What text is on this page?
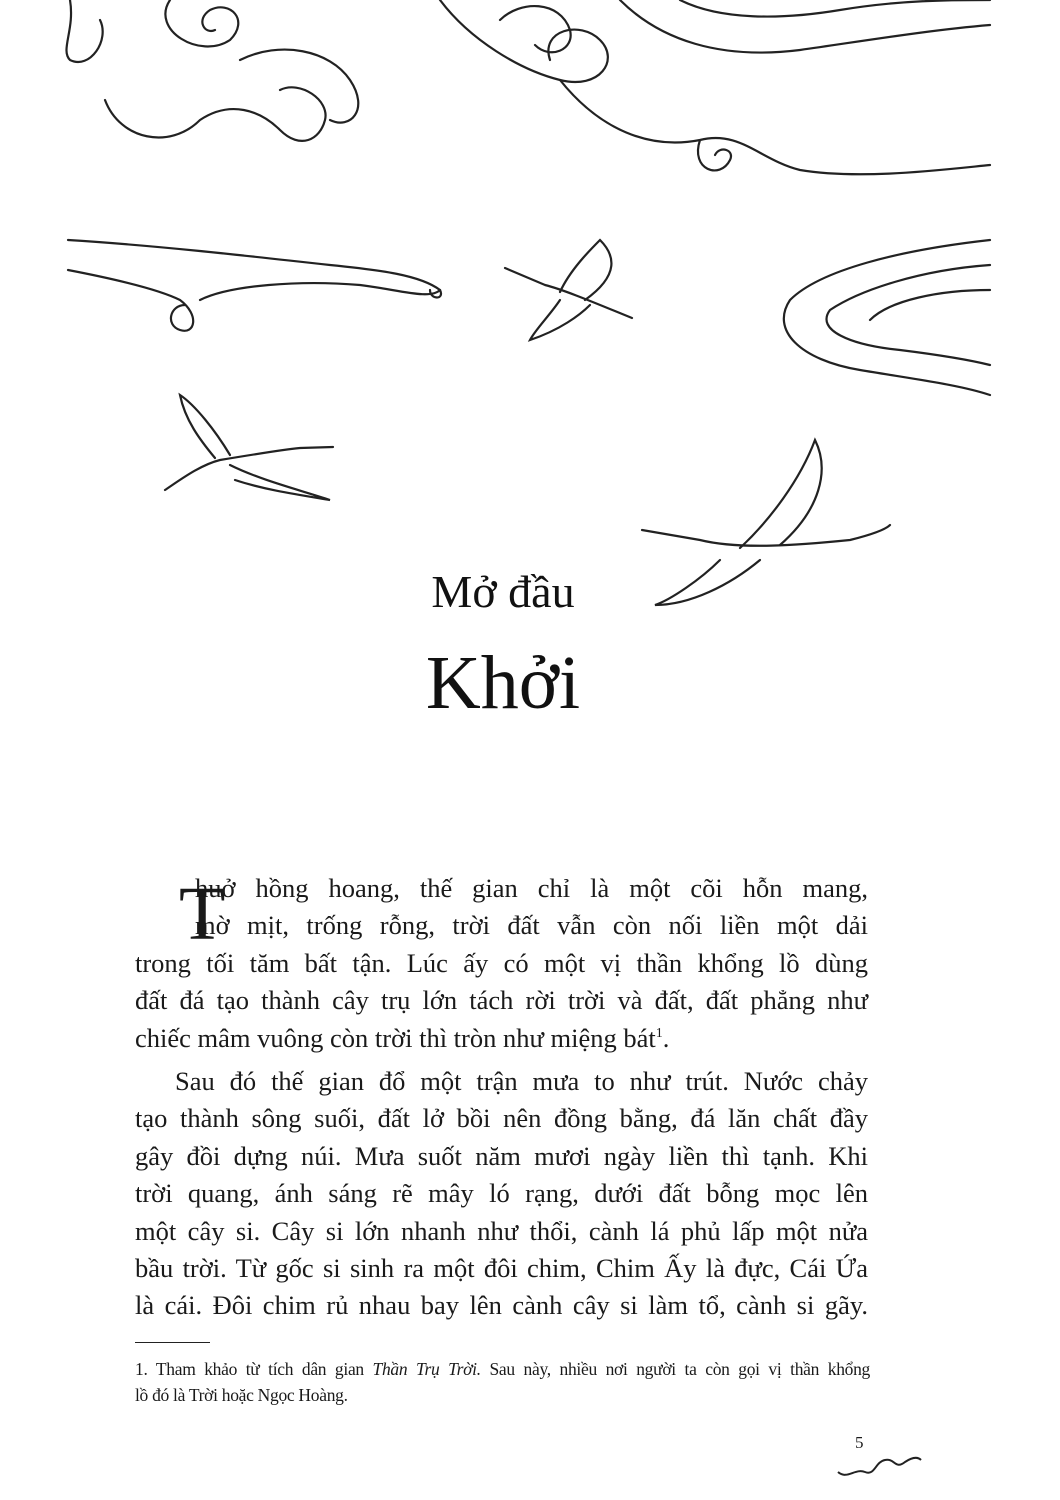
Mở đầu
Khởi
T
huở hồng hoang, thế gian chỉ là một cõi hỗn mang,
mờ mịt, trống rỗng, trời đất vẫn còn nối liền một dải
trong tối tăm bất tận. Lúc ấy có một vị thần khổng lồ dùng
đất đá tạo thành cây trụ lớn tách rời trời và đất, đất phẳng như
chiếc mâm vuông còn trời thì tròn như miệng bát$^1$.
Sau đó thế gian đổ một trận mưa to như trút. Nước chảy
tạo thành sông suối, đất lở bồi nên đồng bằng, đá lăn chất đầy
gây đồi dựng núi. Mưa suốt năm mươi ngày liền thì tạnh. Khi
trời quang, ánh sáng rẽ mây ló rạng, dưới đất bỗng mọc lên
một cây si. Cây si lớn nhanh như thổi, cành lá phủ lấp một nửa
bầu trời. Từ gốc si sinh ra một đôi chim, Chim Ấy là đực, Cái Ứa
là cái. Đôi chim rủ nhau bay lên cành cây si làm tổ, cành si gãy.
1. Tham khảo từ tích dân gian Thần Trụ Trời. Sau này, nhiều nơi người ta còn gọi vị thần khổng
lồ đó là Trời hoặc Ngọc Hoàng.
5
